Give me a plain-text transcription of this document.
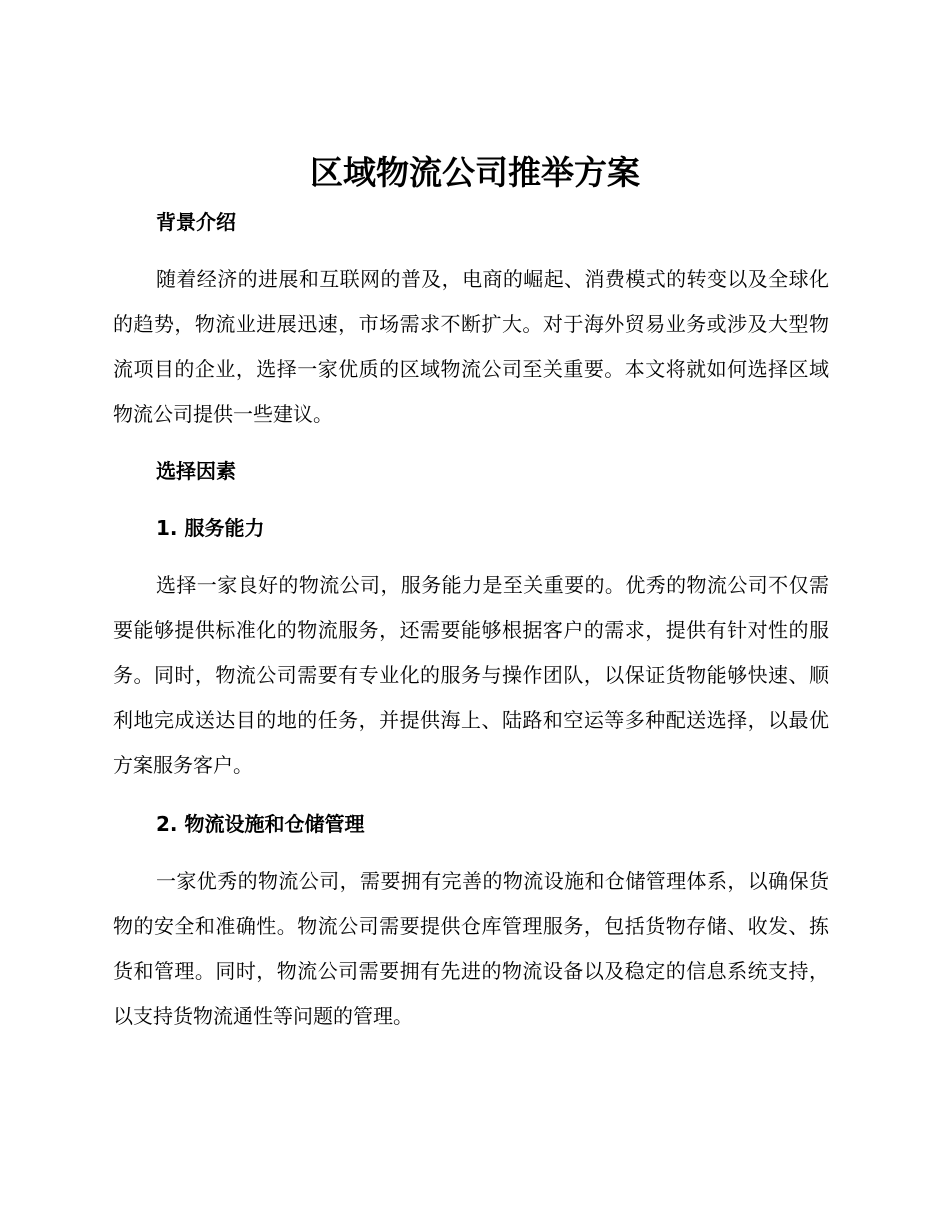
区域物流公司推举方案
背景介绍
随着经济的进展和互联网的普及，电商的崛起、消费模式的转变以及全球化的趋势，物流业进展迅速，市场需求不断扩大。对于海外贸易业务或涉及大型物流项目的企业，选择一家优质的区域物流公司至关重要。本文将就如何选择区域物流公司提供一些建议。
选择因素
1. 服务能力
选择一家良好的物流公司，服务能力是至关重要的。优秀的物流公司不仅需要能够提供标准化的物流服务，还需要能够根据客户的需求，提供有针对性的服务。同时，物流公司需要有专业化的服务与操作团队，以保证货物能够快速、顺利地完成送达目的地的任务，并提供海上、陆路和空运等多种配送选择，以最优方案服务客户。
2. 物流设施和仓储管理
一家优秀的物流公司，需要拥有完善的物流设施和仓储管理体系，以确保货物的安全和准确性。物流公司需要提供仓库管理服务，包括货物存储、收发、拣货和管理。同时，物流公司需要拥有先进的物流设备以及稳定的信息系统支持，以支持货物流通性等问题的管理。
